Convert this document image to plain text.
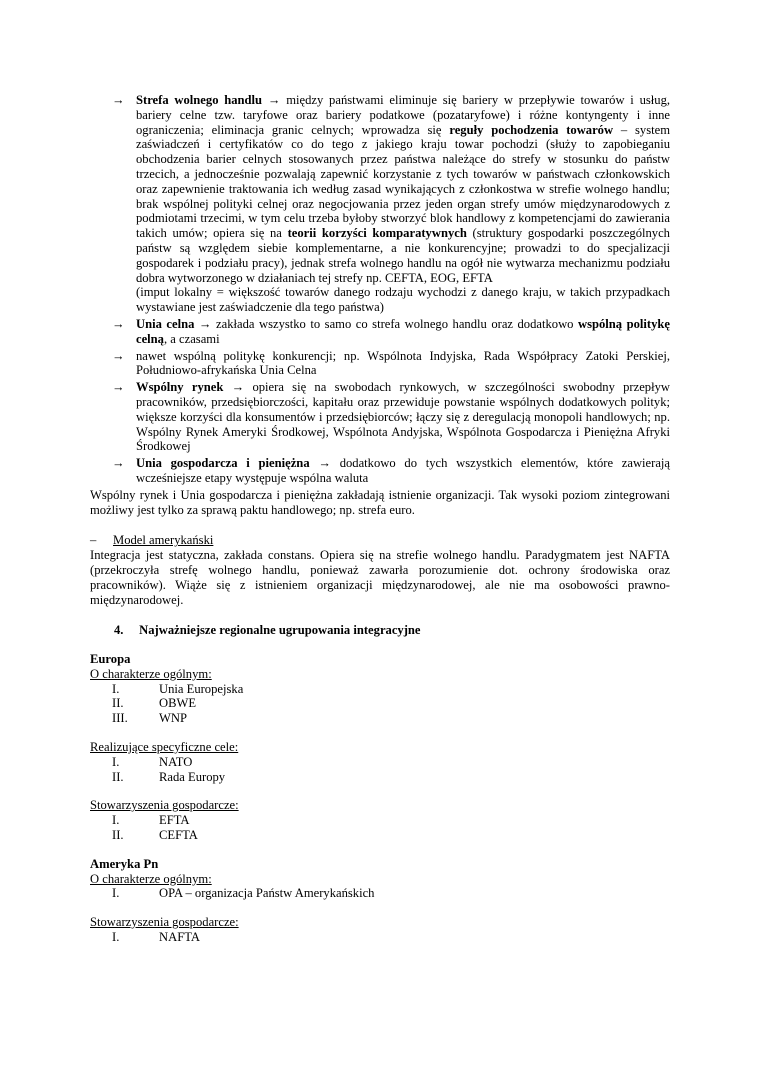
→ Strefa wolnego handlu → między państwami eliminuje się bariery w przepływie towarów i usług, bariery celne tzw. taryfowe oraz bariery podatkowe (pozataryfowe) i różne kontyngenty i inne ograniczenia; eliminacja granic celnych; wprowadza się reguły pochodzenia towarów – system zaświadczeń i certyfikatów co do tego z jakiego kraju towar pochodzi (służy to zapobieganiu obchodzenia barier celnych stosowanych przez państwa należące do strefy w stosunku do państw trzecich, a jednocześnie pozwalają zapewnić korzystanie z tych towarów w państwach członkowskich oraz zapewnienie traktowania ich według zasad wynikających z członkostwa w strefie wolnego handlu; brak wspólnej polityki celnej oraz negocjowania przez jeden organ strefy umów międzynarodowych z podmiotami trzecimi, w tym celu trzeba byłoby stworzyć blok handlowy z kompetencjami do zawierania takich umów; opiera się na teorii korzyści komparatywnych (struktury gospodarki poszczególnych państw są względem siebie komplementarne, a nie konkurencyjne; prowadzi to do specjalizacji gospodarek i podziału pracy), jednak strefa wolnego handlu na ogół nie wytwarza mechanizmu podziału dobra wytworzonego w działaniach tej strefy np. CEFTA, EOG, EFTA

(imput lokalny = większość towarów danego rodzaju wychodzi z danego kraju, w takich przypadkach wystawiane jest zaświadczenie dla tego państwa)

→ Unia celna → zakłada wszystko to samo co strefa wolnego handlu oraz dodatkowo wspólną politykę celną, a czasami

→ nawet wspólną politykę konkurencji; np. Wspólnota Indyjska, Rada Współpracy Zatoki Perskiej, Południowo-afrykańska Unia Celna

→ Wspólny rynek → opiera się na swobodach rynkowych, w szczególności swobodny przepływ pracowników, przedsiębiorczości, kapitału oraz przewiduje powstanie wspólnych dodatkowych polityk; większe korzyści dla konsumentów i przedsiębiorców; łączy się z deregulacją monopoli handlowych; np. Wspólny Rynek Ameryki Środkowej, Wspólnota Andyjska, Wspólnota Gospodarcza i Pieniężna Afryki Środkowej

→ Unia gospodarcza i pieniężna → dodatkowo do tych wszystkich elementów, które zawierają wcześniejsze etapy występuje wspólna waluta

Wspólny rynek i Unia gospodarcza i pieniężna zakładają istnienie organizacji. Tak wysoki poziom zintegrowani możliwy jest tylko za sprawą paktu handlowego; np. strefa euro.

– Model amerykański

Integracja jest statyczna, zakłada constans. Opiera się na strefie wolnego handlu. Paradygmatem jest NAFTA (przekroczyła strefę wolnego handlu, ponieważ zawarła porozumienie dot. ochrony środowiska oraz pracowników). Wiąże się z istnieniem organizacji międzynarodowej, ale nie ma osobowości prawno-międzynarodowej.

4. Najważniejsze regionalne ugrupowania integracyjne
Europa
O charakterze ogólnym:
I.	Unia Europejska
II.	OBWE
III. WNP
Realizujące specyficzne cele:
I.	NATO
II.	Rada Europy
Stowarzyszenia gospodarcze:
I.	EFTA
II.	CEFTA
Ameryka Pn
O charakterze ogólnym:
I.	OPA – organizacja Państw Amerykańskich
Stowarzyszenia gospodarcze:
I.	NAFTA
